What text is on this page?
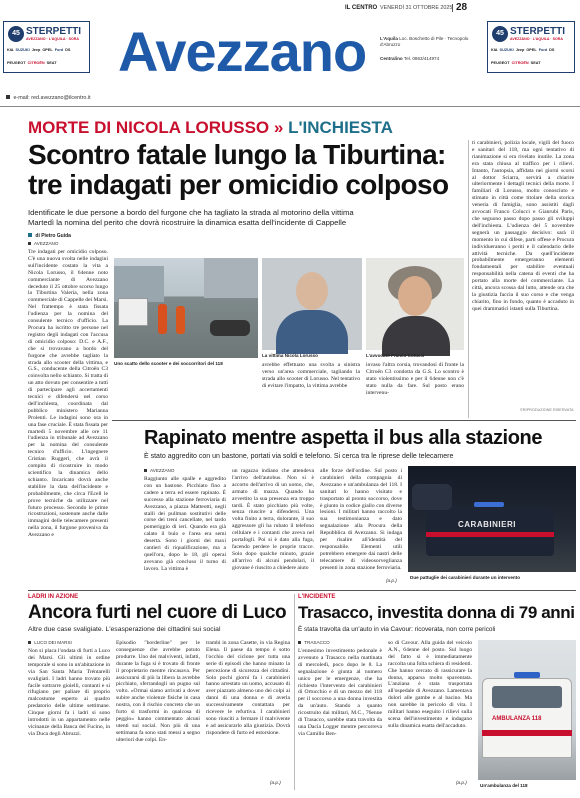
45 STERPETTI
AVEZZANO · L'AQUILA · SORA
KIA SUZUKI Jeep OPEL Ford DS
PEUGEOT CITROËN SEAT Avezzano
IL CENTRO VENERDÌ 31 OTTOBRE 2025 28
L'Aquila Loc. Boschetto di Pile · Tecnopolo d'Abruzzo
Centralino Tel. 0863/414974
45 STERPETTI
AVEZZANO · L'AQUILA · SORA
KIA SUZUKI Jeep OPEL Ford DS
PEUGEOT CITROËN SEAT
e-mail: red.avezzano@ilcentro.it
MORTE DI NICOLA LORUSSO » L'INCHIESTA
Scontro fatale lungo la Tiburtina:
tre indagati per omicidio colposo
Identificate le due persone a bordo del furgone che ha tagliato la strada al motorino della vittima
Martedì la nomina del perito che dovrà ricostruire la dinamica esatta dell'incidente di Cappelle
di Pietro Guida
AVEZZANO
Tre indagati per omicidio colposo. C'è una nuova svolta nelle indagini sull'incidente costato la vita a Nicola Lorusso, il 64enne noto commerciante di Avezzano deceduto il 25 ottobre scorso lungo la Tiburtina Valeria, nella zona commerciale di Cappelle dei Marsi. Nel frattempo è stata fissata l'udienza per la nomina del consulente tecnico d'ufficio. La Procura ha iscritto tre persone nel registro degli indagati con l'accusa di omicidio colposo: D.C. e A.F., che si trovavano a bordo del furgone che avrebbe tagliato la strada allo scooter della vittima, e G.S., conducente della Citroën C3 coinvolta nello schianto. Si tratta di un atto dovuto per consentire a tutti di partecipare agli accertamenti tecnici e difendersi nel corso dell'inchiesta, coordinata dal pubblico ministero Marianna Prolenti. Le indagini sono ora in una fase cruciale. È stata fissata per martedì 5 novembre alle ore 11 l'udienza in tribunale ad Avezzano per la nomina del consulente tecnico d'ufficio. L'ingegnere Cristian Ruggeri, che avrà il compito di ricostruire in modo scientifico la dinamica dello schianto. Incaricato dovrà anche stabilire la data dell'incidente e probabilmente, che circa l'Ecell le prove tecniche da utilizzare nel futuro processo. Secondo le prime ricostruzioni, sostenute anche dalle immagini delle telecamere presenti nella zona, il furgone proveniva da Avezzano e
Uno scatto dello scooter e dei soccorritori del 118
La vittima Nicola Lorusso	L'avvocato Franco Colucci
avrebbe effettuato una svolta a sinistra verso un'area commerciale, tagliando la strada allo scooter di Lorusso. Nel tentativo di evitare l'impatto, la vittima avrebbe
invaso l'altra corsia, trovandosi di fronte la Citroën C3 condotta da G.S. Lo scontro è stato violentissimo e per il 64enne non c'è stato nulla da fare. Sul posto erano intervenu-
ti carabinieri, polizia locale, vigili del fuoco e sanitari del 118, ma ogni tentativo di rianimazione si era rivelato inutile. La zona era stata chiusa al traffico per i rilievi. Intanto, l'autopsia, affidata nei giorni scorsi al dottor Sciarra, servirà a chiarire ulteriormente i dettagli tecnici della morte. I familiari di Lorusso, molto conosciuto e stimato in città come titolare della storica veneria di famiglia, sono assistiti dagli avvocati Franco Colucci e Gianrubi Paris, che seguono passo dopo passo gli sviluppi dell'inchiesta. L'udienza del 5 novembre segnerà un passaggio decisivo: sarà il momento in cui difese, parti offese e Procura individueranno i periti e il calendario delle attività tecniche. Da quell'incidente probabilmente emergeranno elementi fondamentali per stabilire eventuali responsabilità nella catena di eventi che ha portato alla morte del commerciante. La città, ancora scossa dal lutto, attende ora che la giustizia faccia il suo corso e che venga chiarito, fino in fondo, quanto è accaduto in quei drammatici istanti sulla Tiburtina.
©RIPRODUZIONE RISERVATA
Rapinato mentre aspetta il bus alla stazione
È stato aggredito con un bastone, portati via soldi e telefono. Si cerca tra le riprese delle telecamere
AVEZZANO
Raggiunto alle spalle e aggredito con un bastone. Picchiato fino a cadere a terra ed essere rapinato. È successo alla stazione ferroviaria di Avezzano, a piazza Matteotti, negli stalli dei pullman sostitutivi delle corse dei treni cancellate, nel tardo pomeriggio di ieri. Quando era già calato il buio e l'area era semi deserta. Sono i giorni dei maxi cantieri di riqualificazione, ma a quell'ora, dopo le 18, gli operai avevano già concluso il turno di lavoro. La vittima è
un ragazzo indiano che attendeva l'arrivo dell'autobus. Non si è accorto dell'arrivo di un uomo, che, armato di mazza. Quando ha avvertito la sua presenza era troppo tardi. È stato picchiato più volte, senza riuscire a difendersi. Una volta finito a terra, dolorante, il suo aggressore gli ha rubato il telefono cellulare e i contanti che aveva nel portafogli. Poi si è dato alla fuga, facendo perdere le proprie tracce. Solo dopo qualche minuto, grazie all'arrivo di alcuni pendolari, il giovane è riuscito a chiedere aiuto
alle forze dell'ordine. Sul posto i carabinieri della compagnia di Avezzano e un'ambulanza del 118. I sanitari lo hanno visitato e trasportato al pronto soccorso, dove è giunto in codice giallo con diverse lesioni. I militari hanno raccolto la sua testimonianza e dato segnalazione alla Procura della Repubblica di Avezzano. Si indaga per risalire all'identità del responsabile. Elementi utili potrebbero emergere dai nastri delle telecamere di videosorveglianza presenti in zona stazione ferroviaria.
(a.p.)
CARABINIERI
Due pattuglie dei carabinieri durante un intervento
LADRI IN AZIONE
Ancora furti nel cuore di Luco
Altre due case svaligiate. L'esasperazione dei cittadini sui social
LUCO DEI MARSI
Non si placa l'ondata di furti a Luco dei Marsi. Gli ultimi in ordine temporale si sono in un'abitazione in via San Santa Maria Tréntarelli svaligiati. I ladri hanno trovato più facile sottrarre gioielli, contanti e si rifugiano per paliare di proprio malcostume esperto ai quadro predatorio delle ultime settimane. Cinque giorni fa i ladri si sono introdotti in un appartamento nelle vicinanze della Banca del Fucino, in via Duca degli Abruzzi.
Episodio "borderline" per le conseguenze che avrebbe potuto produrre. Uno dei malviventi, infatti, durante la fuga si è trovato di fronte il proprietario mentre rincasava. Per assicurarsi di più la libera la avrebbe picchiato, sferrandogli un pugno sul volto. «Ormai siamo arrivati a dover subire anche violenze fisiche in casa nostra, con il rischio concreto che un furto si trasformi in qualcosa di peggio» hanno commentato alcuni utenti sui social. Non più di una settimana fa sono stati messi a segno ulteriori due colpi. En-
trambi in zona Casette, in via Regina Elena. Il paese da tempo è sotto l'occhio del ciclone per tutta una serie di episodi che hanno minato la percezione di sicurezza dei cittadini. Solo pochi giorni fa i carabinieri hanno arrestato un uomo, accusato di aver piazzato almeno uno dei colpi ai danni di una donna e di averla successivamente contattata per ricevere le refurtiva. I carabinieri sono riusciti a fermare il malvivente e ad assicurarlo alla giustizia. Dovrà rispondere di furto ed estorsione.
(a.p.)
L'INCIDENTE
Trasacco, investita donna di 79 anni
È stata travolta da un'auto in via Cavour: ricoverata, non corre pericoli
TRASACCO
L'ennesimo investimento pedonale è avvenuto a Trasacco nella mattinata di mercoledì, poco dopo le 8. La segnalazione è giunta al numero unico per le emergenze, che ha richiesto l'intervento dei carabinieri di Ortucchio e di un mezzo del 118 per il soccorso a una donna investita da un'auto. Stando a quanto ricostruito dai militari, M.C., 76enne di Trasacco, sarebbe stata travolta da una Dacia Logger mentre percorreva via Camillo Ben-
so di Cavour. Alla guida del veicolo A.N., 64enne del posto. Sul luogo del fatto si è immediatamente raccolta una folta schiera di residenti. Che hanno cercato di rassicurare la donna, apparsa molto spaventata. L'anziana è stata trasportata all'ospedale di Avezzano. Lamentava dolori alle gambe e al bacino. Ma non sarebbe in pericolo di vita. I militari hanno eseguito i rilievi sulla scena dell'investimento e indagano sulla dinamica esatta dell'accaduto.
(a.p.)
AMBULANZA 118
Un'ambulanza del 118
